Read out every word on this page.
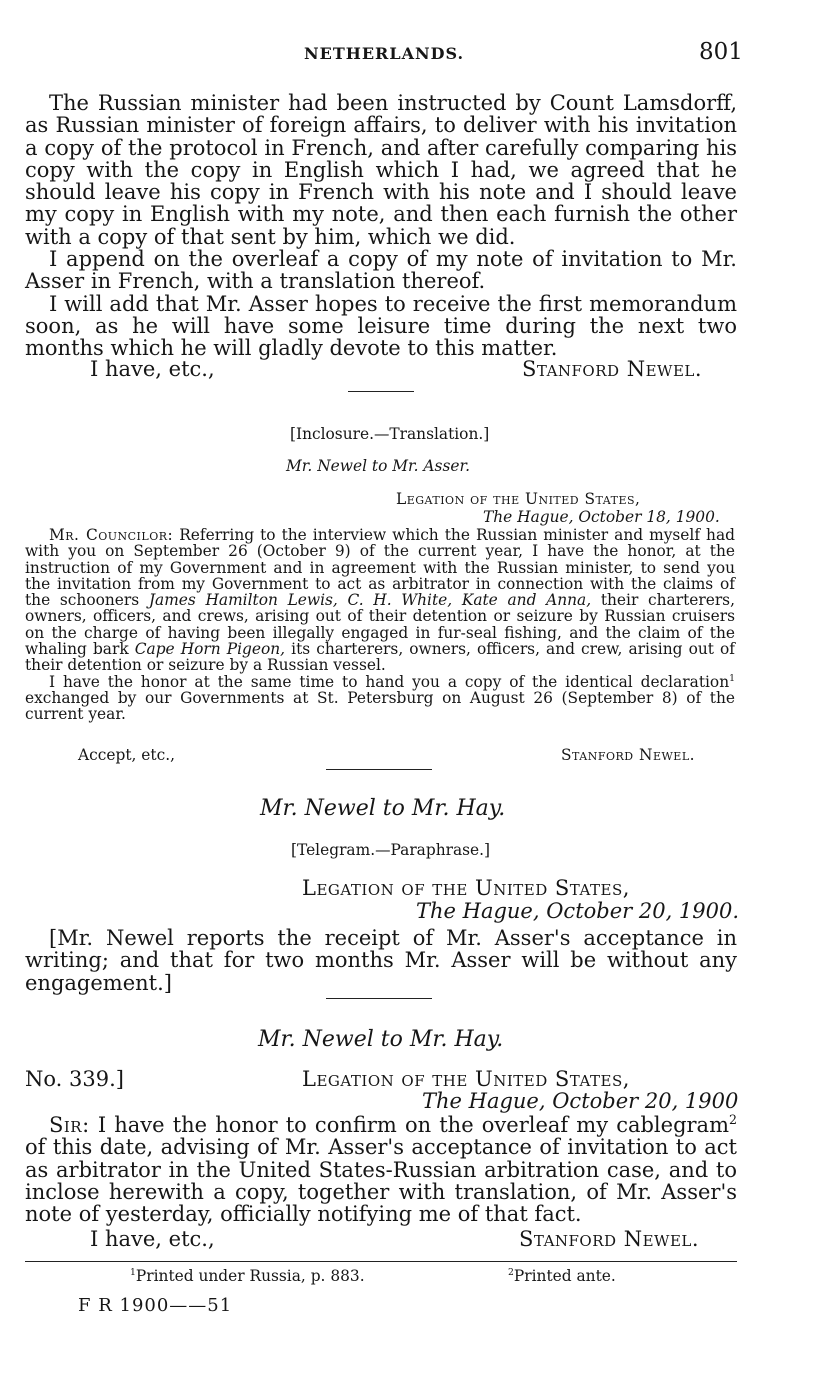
NETHERLANDS.	801

The Russian minister had been instructed by Count Lamsdorff, as Russian minister of foreign affairs, to deliver with his invitation a copy of the protocol in French, and after carefully comparing his copy with the copy in English which I had, we agreed that he should leave his copy in French with his note and I should leave my copy in English with my note, and then each furnish the other with a copy of that sent by him, which we did.

I append on the overleaf a copy of my note of invitation to Mr. Asser in French, with a translation thereof.

I will add that Mr. Asser hopes to receive the first memorandum soon, as he will have some leisure time during the next two months which he will gladly devote to this matter.

I have, etc.,	Stanford Newel.
[Inclosure.—Translation.]
Mr. Newel to Mr. Asser.
Legation of the United States,
The Hague, October 18, 1900.

Mr. Councilor: Referring to the interview which the Russian minister and myself had with you on September 26 (October 9) of the current year, I have the honor, at the instruction of my Government and in agreement with the Russian minister, to send you the invitation from my Government to act as arbitrator in connection with the claims of the schooners James Hamilton Lewis, C. H. White, Kate and Anna, their charterers, owners, officers, and crews, arising out of their detention or seizure by Russian cruisers on the charge of having been illegally engaged in fur-seal fishing, and the claim of the whaling bark Cape Horn Pigeon, its charterers, owners, officers, and crew, arising out of their detention or seizure by a Russian vessel.

I have the honor at the same time to hand you a copy of the identical declaration$^1$ exchanged by our Governments at St. Petersburg on August 26 (September 8) of the current year.

Accept, etc.,	Stanford Newel.
Mr. Newel to Mr. Hay.
[Telegram.—Paraphrase.]
Legation of the United States,
The Hague, October 20, 1900.

[Mr. Newel reports the receipt of Mr. Asser's acceptance in writing; and that for two months Mr. Asser will be without any engagement.]

Mr. Newel to Mr. Hay.
No. 339.]	Legation of the United States,
The Hague, October 20, 1900

Sir: I have the honor to confirm on the overleaf my cablegram$^2$ of this date, advising of Mr. Asser's acceptance of invitation to act as arbitrator in the United States-Russian arbitration case, and to inclose herewith a copy, together with translation, of Mr. Asser's note of yesterday, officially notifying me of that fact.

I have, etc.,	Stanford Newel.
$^1$Printed under Russia, p. 883.	$^2$Printed ante.
F R 1900——51
